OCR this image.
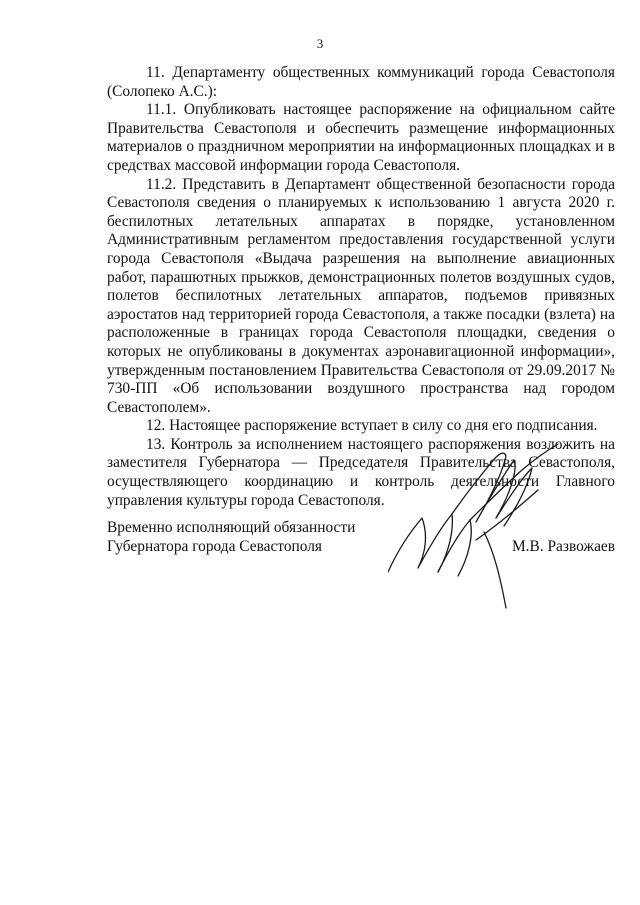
3

11. Департаменту общественных коммуникаций города Севастополя (Солопеко А.С.):

11.1. Опубликовать настоящее распоряжение на официальном сайте Правительства Севастополя и обеспечить размещение информационных материалов о праздничном мероприятии на информационных площадках и в средствах массовой информации города Севастополя.

11.2. Представить в Департамент общественной безопасности города Севастополя сведения о планируемых к использованию 1 августа 2020 г. беспилотных летательных аппаратах в порядке, установленном Административным регламентом предоставления государственной услуги города Севастополя «Выдача разрешения на выполнение авиационных работ, парашютных прыжков, демонстрационных полетов воздушных судов, полетов беспилотных летательных аппаратов, подъемов привязных аэростатов над территорией города Севастополя, а также посадки (взлета) на расположенные в границах города Севастополя площадки, сведения о которых не опубликованы в документах аэронавигационной информации», утвержденным постановлением Правительства Севастополя от 29.09.2017 № 730-ПП «Об использовании воздушного пространства над городом Севастополем».

12. Настоящее распоряжение вступает в силу со дня его подписания.

13. Контроль за исполнением настоящего распоряжения возложить на заместителя Губернатора — Председателя Правительства Севастополя, осуществляющего координацию и контроль деятельности Главного управления культуры города Севастополя.

Временно исполняющий обязанности
Губернатора города Севастополя	М.В. Развожаев
